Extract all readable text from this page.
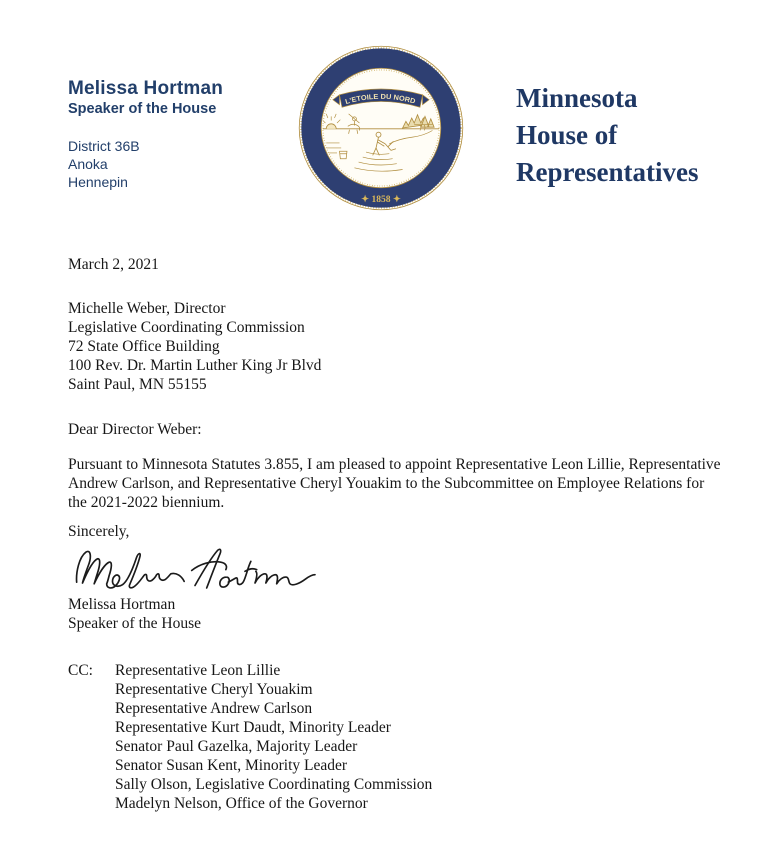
Melissa Hortman
Speaker of the House
District 36B
Anoka
Hennepin
✦ 1858 ✦
L'ETOILE DU NORD	Minnesota
House of
Representatives
March 2, 2021
Michelle Weber, Director
Legislative Coordinating Commission
72 State Office Building
100 Rev. Dr. Martin Luther King Jr Blvd
Saint Paul, MN 55155
Dear Director Weber:
Pursuant to Minnesota Statutes 3.855, I am pleased to appoint Representative Leon Lillie, Representative
Andrew Carlson, and Representative Cheryl Youakim to the Subcommittee on Employee Relations for
the 2021-2022 biennium.
Sincerely,
Melissa Hortman
Speaker of the House
CC:	Representative Leon Lillie
Representative Cheryl Youakim
Representative Andrew Carlson
Representative Kurt Daudt, Minority Leader
Senator Paul Gazelka, Majority Leader
Senator Susan Kent, Minority Leader
Sally Olson, Legislative Coordinating Commission
Madelyn Nelson, Office of the Governor
